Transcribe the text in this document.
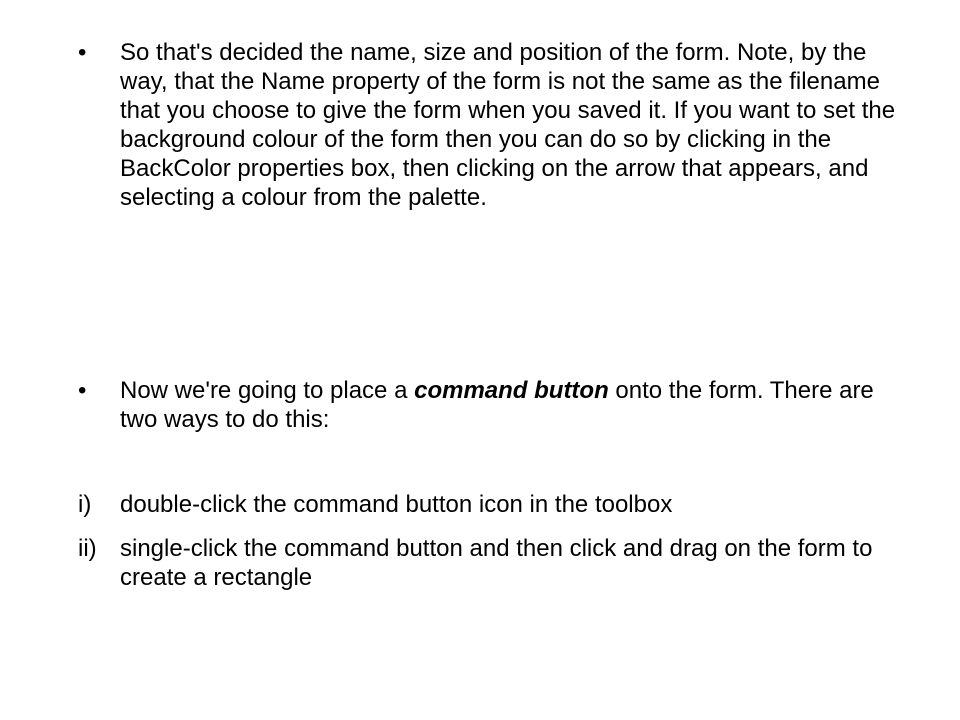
•	So that's decided the name, size and position of the form. Note, by the way, that the Name property of the form is not the same as the filename that you choose to give the form when you saved it. If you want to set the background colour of the form then you can do so by clicking in the BackColor properties box, then clicking on the arrow that appears, and selecting a colour from the palette.
•	Now we're going to place a command button onto the form. There are two ways to do this:
i)	double-click the command button icon in the toolbox
ii) single-click the command button and then click and drag on the form to create a rectangle
